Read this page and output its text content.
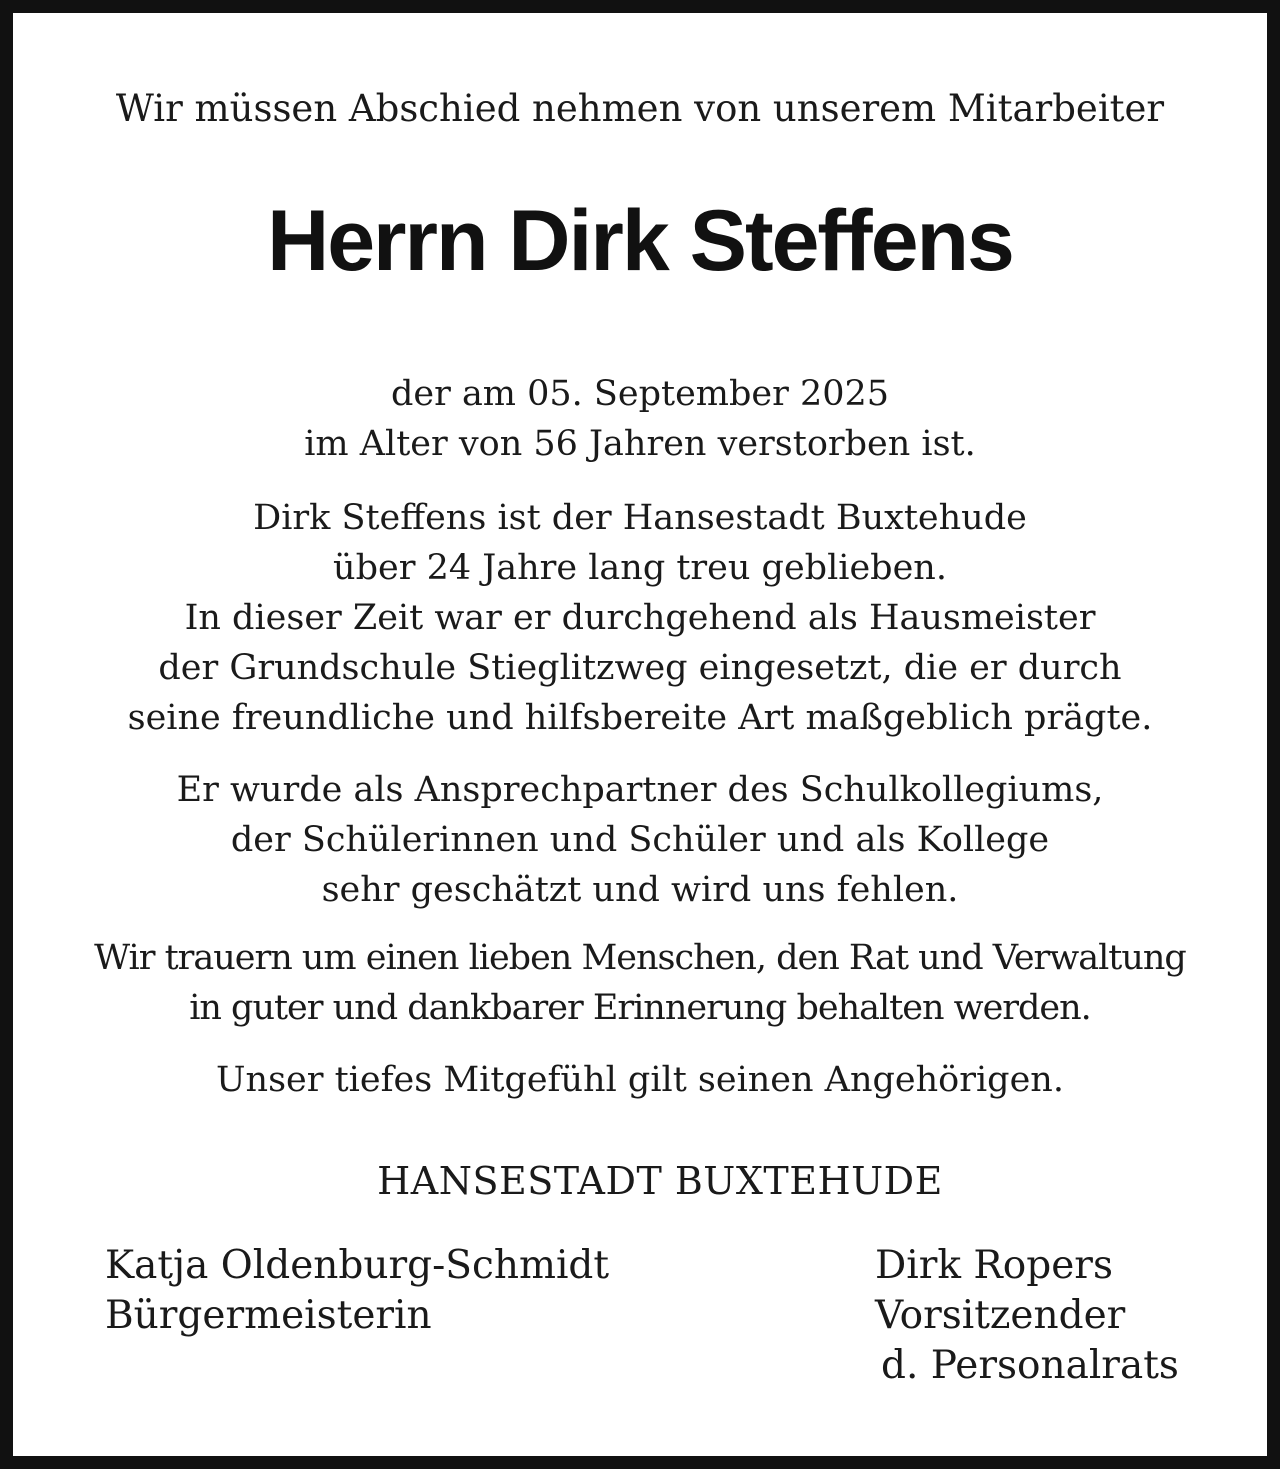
Wir müssen Abschied nehmen von unserem Mitarbeiter
Herrn Dirk Steffens
der am 05. September 2025
im Alter von 56 Jahren verstorben ist.
Dirk Steffens ist der Hansestadt Buxtehude
über 24 Jahre lang treu geblieben.
In dieser Zeit war er durchgehend als Hausmeister
der Grundschule Stieglitzweg eingesetzt, die er durch
seine freundliche und hilfsbereite Art maßgeblich prägte.
Er wurde als Ansprechpartner des Schulkollegiums,
der Schülerinnen und Schüler und als Kollege
sehr geschätzt und wird uns fehlen.
Wir trauern um einen lieben Menschen, den Rat und Verwaltung
in guter und dankbarer Erinnerung behalten werden.
Unser tiefes Mitgefühl gilt seinen Angehörigen.
HANSESTADT BUXTEHUDE
Katja Oldenburg-Schmidt
Bürgermeisterin
Dirk Ropers
Vorsitzender
d. Personalrats
